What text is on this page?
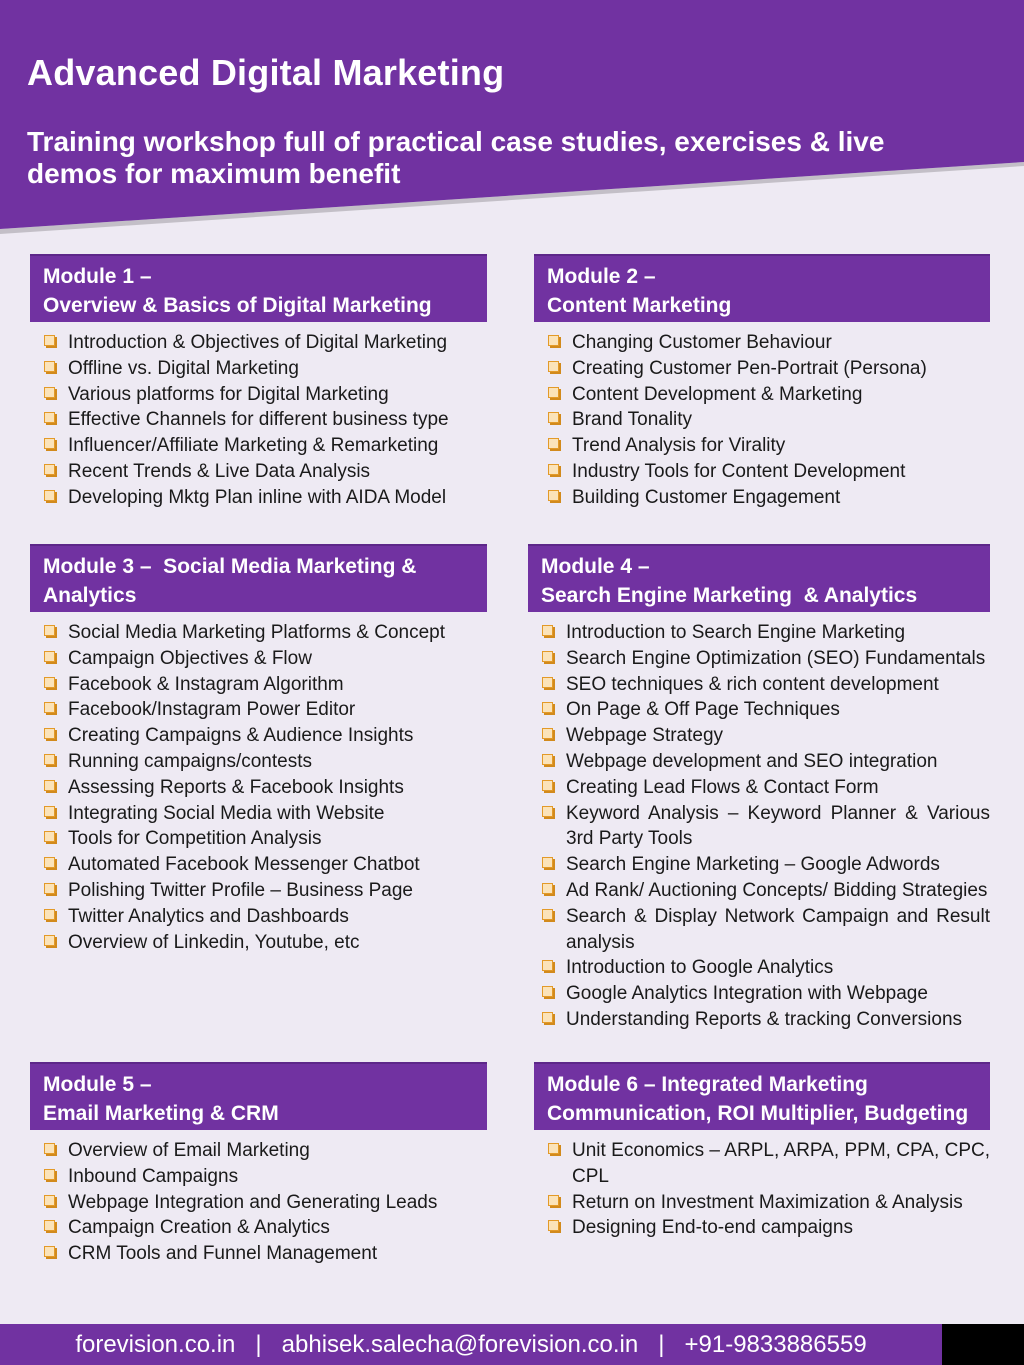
Advanced Digital Marketing

Training workshop full of practical case studies, exercises & live demos for maximum benefit

Module 1 –
Overview & Basics of Digital Marketing
Introduction & Objectives of Digital Marketing
Offline vs. Digital Marketing
Various platforms for Digital Marketing
Effective Channels for different business type
Influencer/Affiliate Marketing & Remarketing
Recent Trends & Live Data Analysis
Developing Mktg Plan inline with AIDA Model
Module 2 –
Content Marketing
Changing Customer Behaviour
Creating Customer Pen-Portrait (Persona)
Content Development & Marketing
Brand Tonality
Trend Analysis for Virality
Industry Tools for Content Development
Building Customer Engagement
Module 3 –  Social Media Marketing &
Analytics
Social Media Marketing Platforms & Concept
Campaign Objectives & Flow
Facebook & Instagram Algorithm
Facebook/Instagram Power Editor
Creating Campaigns & Audience Insights
Running campaigns/contests
Assessing Reports & Facebook Insights
Integrating Social Media with Website
Tools for Competition Analysis
Automated Facebook Messenger Chatbot
Polishing Twitter Profile – Business Page
Twitter Analytics and Dashboards
Overview of Linkedin, Youtube, etc
Module 4 –
Search Engine Marketing  & Analytics
Introduction to Search Engine Marketing
Search Engine Optimization (SEO) Fundamentals
SEO techniques & rich content development
On Page & Off Page Techniques
Webpage Strategy
Webpage development and SEO integration
Creating Lead Flows & Contact Form
Keyword Analysis – Keyword Planner & Various 3rd Party Tools
Search Engine Marketing – Google Adwords
Ad Rank/ Auctioning Concepts/ Bidding Strategies
Search & Display Network Campaign and Result analysis
Introduction to Google Analytics
Google Analytics Integration with Webpage
Understanding Reports & tracking Conversions
Module 5 –
Email Marketing & CRM
Overview of Email Marketing
Inbound Campaigns
Webpage Integration and Generating Leads
Campaign Creation & Analytics
CRM Tools and Funnel Management
Module 6 – Integrated Marketing
Communication, ROI Multiplier, Budgeting
Unit Economics – ARPL, ARPA, PPM, CPA, CPC, CPL
Return on Investment Maximization & Analysis
Designing End-to-end campaigns
forevision.co.in | abhisek.salecha@forevision.co.in | +91-9833886559
